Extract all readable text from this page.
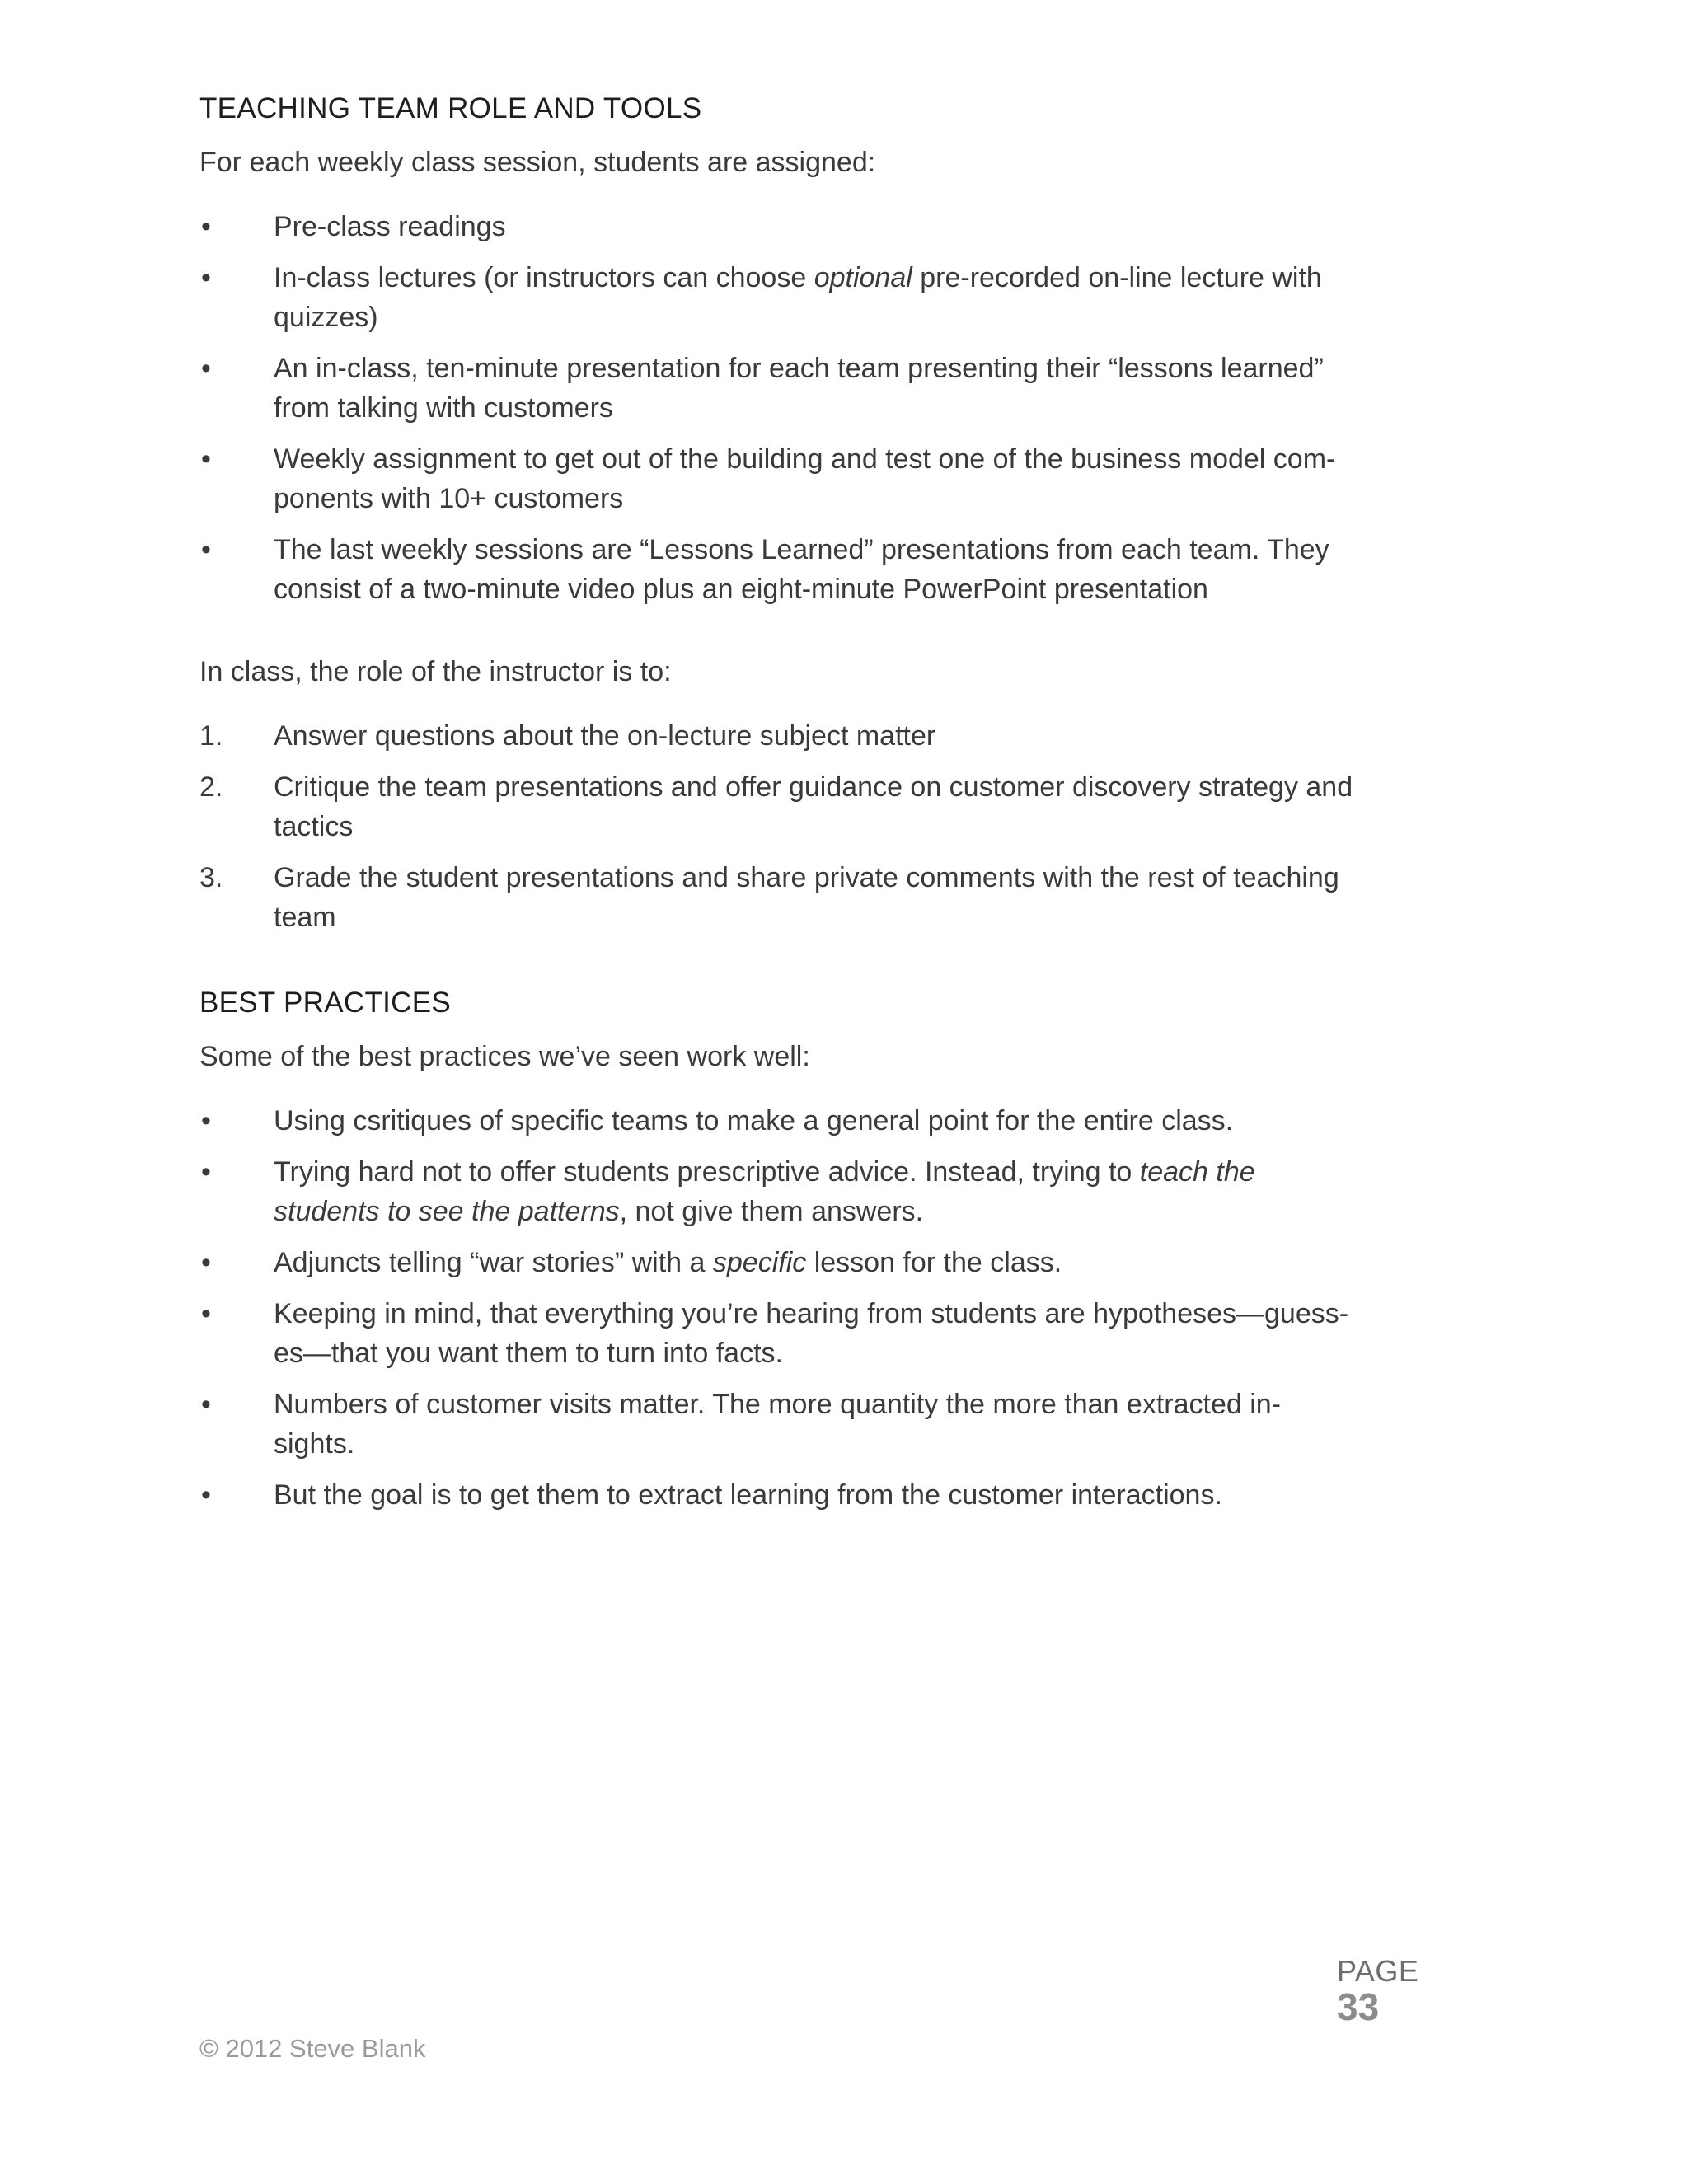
TEACHING TEAM ROLE AND TOOLS

For each weekly class session, students are assigned:

•	Pre-class readings
•	In-class lectures (or instructors can choose optional pre-recorded on-line lecture with quizzes)
•	An in-class, ten-minute presentation for each team presenting their “lessons learned” from talking with customers
•	Weekly assignment to get out of the building and test one of the business model com-ponents with 10+ customers
•	The last weekly sessions are “Lessons Learned” presentations from each team. They consist of a two-minute video plus an eight-minute PowerPoint presentation

In class, the role of the instructor is to:

1.	Answer questions about the on-lecture subject matter
2.	Critique the team presentations and offer guidance on customer discovery strategy and tactics
3.	Grade the student presentations and share private comments with the rest of teaching team
BEST PRACTICES

Some of the best practices we’ve seen work well:

•	Using csritiques of specific teams to make a general point for the entire class.
•	Trying hard not to offer students prescriptive advice. Instead, trying to teach the students to see the patterns, not give them answers.
•	Adjuncts telling “war stories” with a specific lesson for the class.
•	Keeping in mind, that everything you’re hearing from students are hypotheses—guess-es—that you want them to turn into facts.
•	Numbers of customer visits matter. The more quantity the more than extracted in-sights.
•	But the goal is to get them to extract learning from the customer interactions.
PAGE
33
© 2012 Steve Blank
